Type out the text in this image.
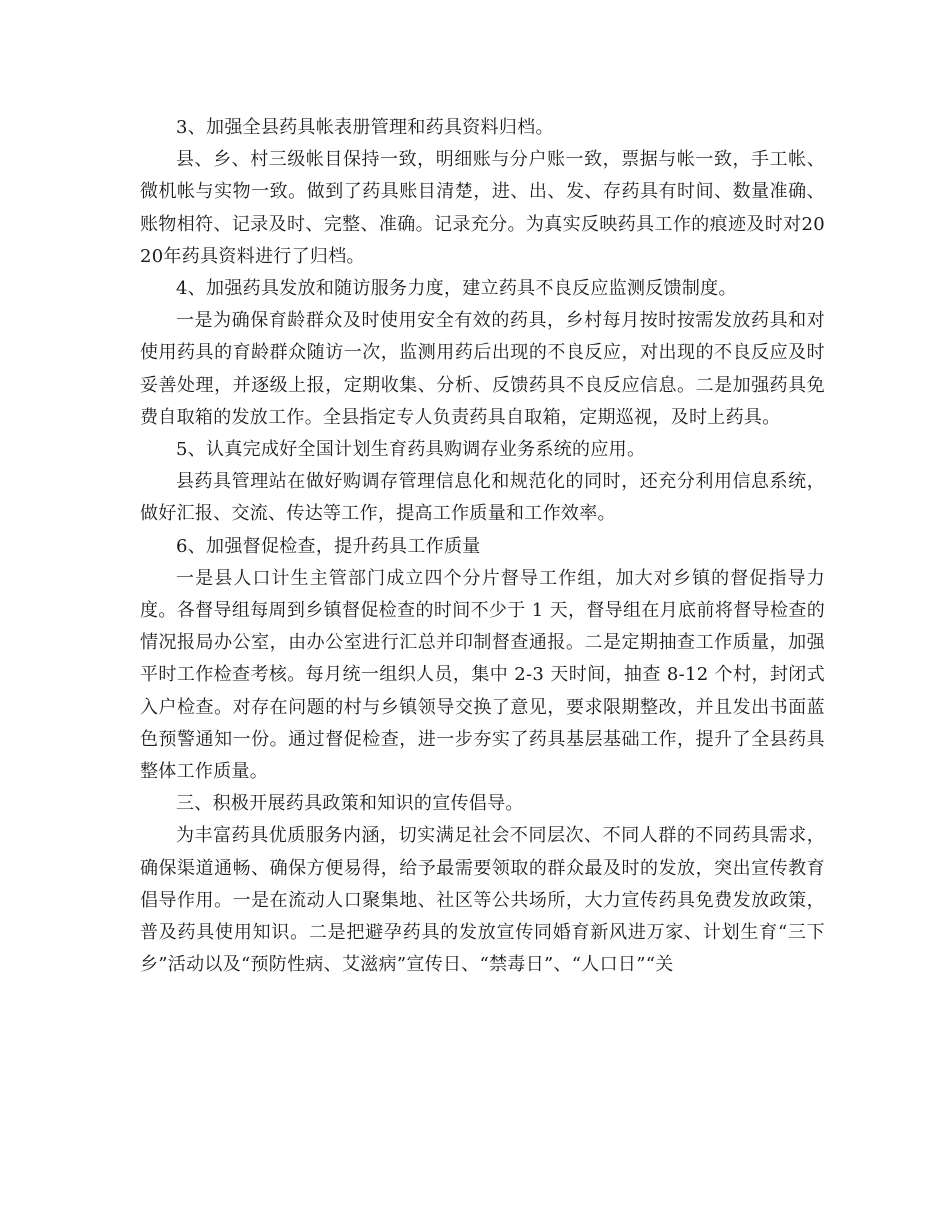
3、加强全县药具帐表册管理和药具资料归档。

县、乡、村三级帐目保持一致，明细账与分户账一致，票据与帐一致，手工帐、微机帐与实物一致。做到了药具账目清楚，进、出、发、存药具有时间、数量准确、账物相符、记录及时、完整、准确。记录充分。为真实反映药具工作的痕迹及时对2020年药具资料进行了归档。

4、加强药具发放和随访服务力度，建立药具不良反应监测反馈制度。

一是为确保育龄群众及时使用安全有效的药具，乡村每月按时按需发放药具和对使用药具的育龄群众随访一次，监测用药后出现的不良反应，对出现的不良反应及时妥善处理，并逐级上报，定期收集、分析、反馈药具不良反应信息。二是加强药具免费自取箱的发放工作。全县指定专人负责药具自取箱，定期巡视，及时上药具。

5、认真完成好全国计划生育药具购调存业务系统的应用。

县药具管理站在做好购调存管理信息化和规范化的同时，还充分利用信息系统，做好汇报、交流、传达等工作，提高工作质量和工作效率。

6、加强督促检查，提升药具工作质量

一是县人口计生主管部门成立四个分片督导工作组，加大对乡镇的督促指导力度。各督导组每周到乡镇督促检查的时间不少于 1 天，督导组在月底前将督导检查的情况报局办公室，由办公室进行汇总并印制督查通报。二是定期抽查工作质量，加强平时工作检查考核。每月统一组织人员，集中 2-3 天时间，抽查 8-12 个村，封闭式入户检查。对存在问题的村与乡镇领导交换了意见，要求限期整改，并且发出书面蓝色预警通知一份。通过督促检查，进一步夯实了药具基层基础工作，提升了全县药具整体工作质量。

三、积极开展药具政策和知识的宣传倡导。

为丰富药具优质服务内涵，切实满足社会不同层次、不同人群的不同药具需求，确保渠道通畅、确保方便易得，给予最需要领取的群众最及时的发放，突出宣传教育倡导作用。一是在流动人口聚集地、社区等公共场所，大力宣传药具免费发放政策，普及药具使用知识。二是把避孕药具的发放宣传同婚育新风进万家、计划生育“三下乡”活动以及“预防性病、艾滋病”宣传日、“禁毒日”、“人口日”“关
